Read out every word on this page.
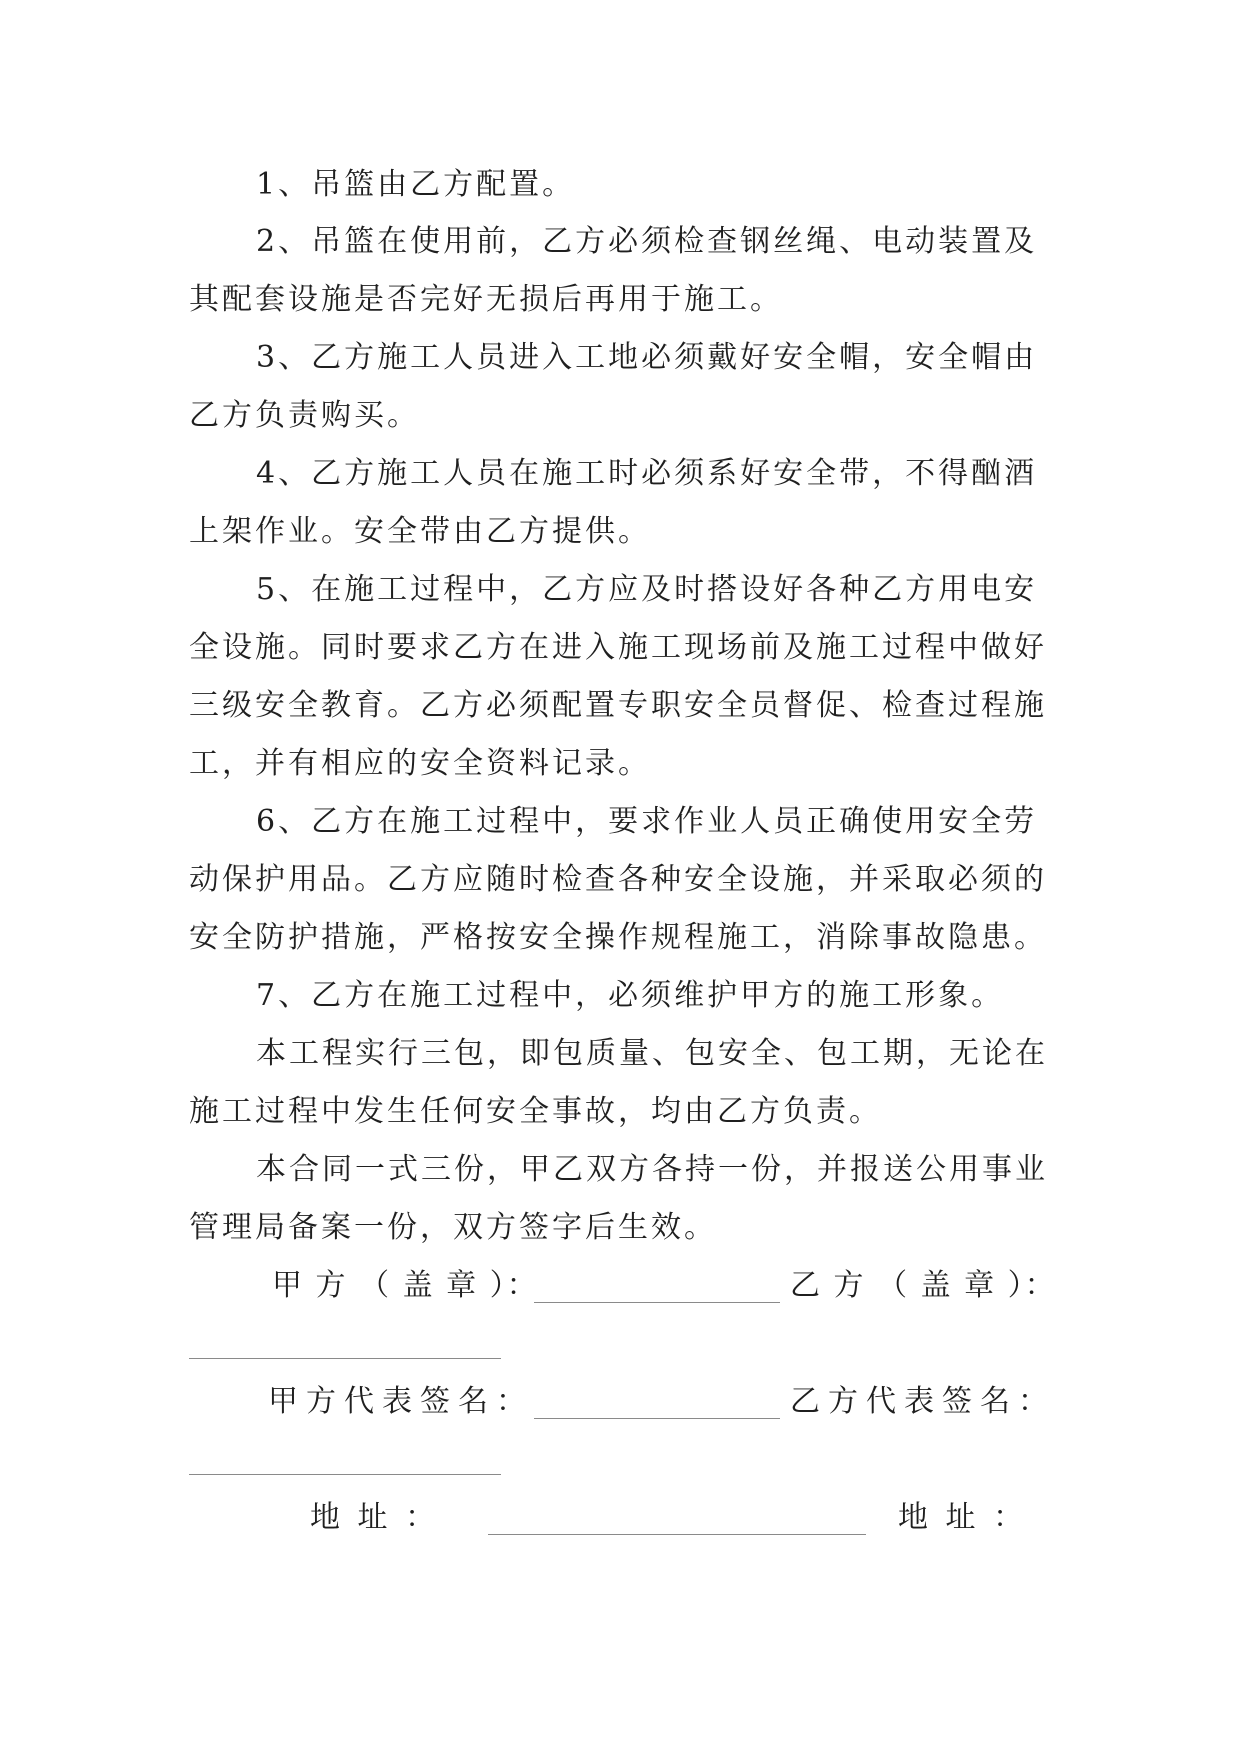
1、吊篮由乙方配置。
2、吊篮在使用前，乙方必须检查钢丝绳、电动装置及
其配套设施是否完好无损后再用于施工。
3、乙方施工人员进入工地必须戴好安全帽，安全帽由
乙方负责购买。
4、乙方施工人员在施工时必须系好安全带，不得酗酒
上架作业。安全带由乙方提供。
5、在施工过程中，乙方应及时搭设好各种乙方用电安
全设施。同时要求乙方在进入施工现场前及施工过程中做好
三级安全教育。乙方必须配置专职安全员督促、检查过程施
工，并有相应的安全资料记录。
6、乙方在施工过程中，要求作业人员正确使用安全劳
动保护用品。乙方应随时检查各种安全设施，并采取必须的
安全防护措施，严格按安全操作规程施工，消除事故隐患。
7、乙方在施工过程中，必须维护甲方的施工形象。
本工程实行三包，即包质量、包安全、包工期，无论在
施工过程中发生任何安全事故，均由乙方负责。
本合同一式三份，甲乙双方各持一份，并报送公用事业
管理局备案一份，双方签字后生效。
甲 方 （ 盖 章 ）：	乙 方 （ 盖 章 ）：
甲方代表签名：	乙方代表签名：
地 址 ：	地 址 ：
